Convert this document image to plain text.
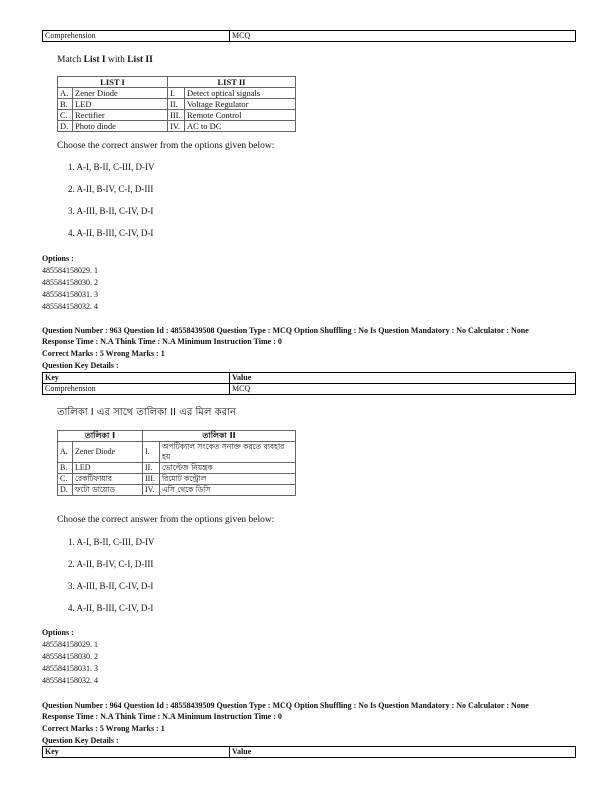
Comprehension	MCQ
Match List I with List II
LIST I		LIST II	
A.	Zener Diode	I.	Detect optical signals
B.	LED	II.	Voltage Regulator
C.	Rectifier	III.	Remote Control
D.	Photo diode	IV.	AC to DC
Choose the correct answer from the options given below:
1. A-I, B-II, C-III, D-IV
2. A-II, B-IV, C-I, D-III
3. A-III, B-II, C-IV, D-I
4. A-II, B-III, C-IV, D-I
Options :
485584158029. 1
485584158030. 2
485584158031. 3
485584158032. 4
Question Number : 963 Question Id : 48558439508 Question Type : MCQ Option Shuffling : No Is Question Mandatory : No Calculator : None
Response Time : N.A Think Time : N.A Minimum Instruction Time : 0
Correct Marks : 5 Wrong Marks : 1
Question Key Details :
Key	Value
Comprehension	MCQ
তালিকা I এর সাথে তালিকা II এর মিল করান
তালিকা I		তালিকা II	
A.	Zener Diode	I.	অপটিক্যাল সংকেত সনাক্ত করতে ব্যবহার হয়
B.	LED	II.	ভোল্টেজ নিয়ন্ত্রক
C.	রেকটিফায়ার	III.	রিমোট কন্ট্রোল
D.	ফটো ডায়োড	IV.	এসি থেকে ডিসি
Choose the correct answer from the options given below:
1. A-I, B-II, C-III, D-IV
2. A-II, B-IV, C-I, D-III
3. A-III, B-II, C-IV, D-I
4. A-II, B-III, C-IV, D-I
Options :
485584158029. 1
485584158030. 2
485584158031. 3
485584158032. 4
Question Number : 964 Question Id : 48558439509 Question Type : MCQ Option Shuffling : No Is Question Mandatory : No Calculator : None
Response Time : N.A Think Time : N.A Minimum Instruction Time : 0
Correct Marks : 5 Wrong Marks : 1
Question Key Details :
Key	Value
